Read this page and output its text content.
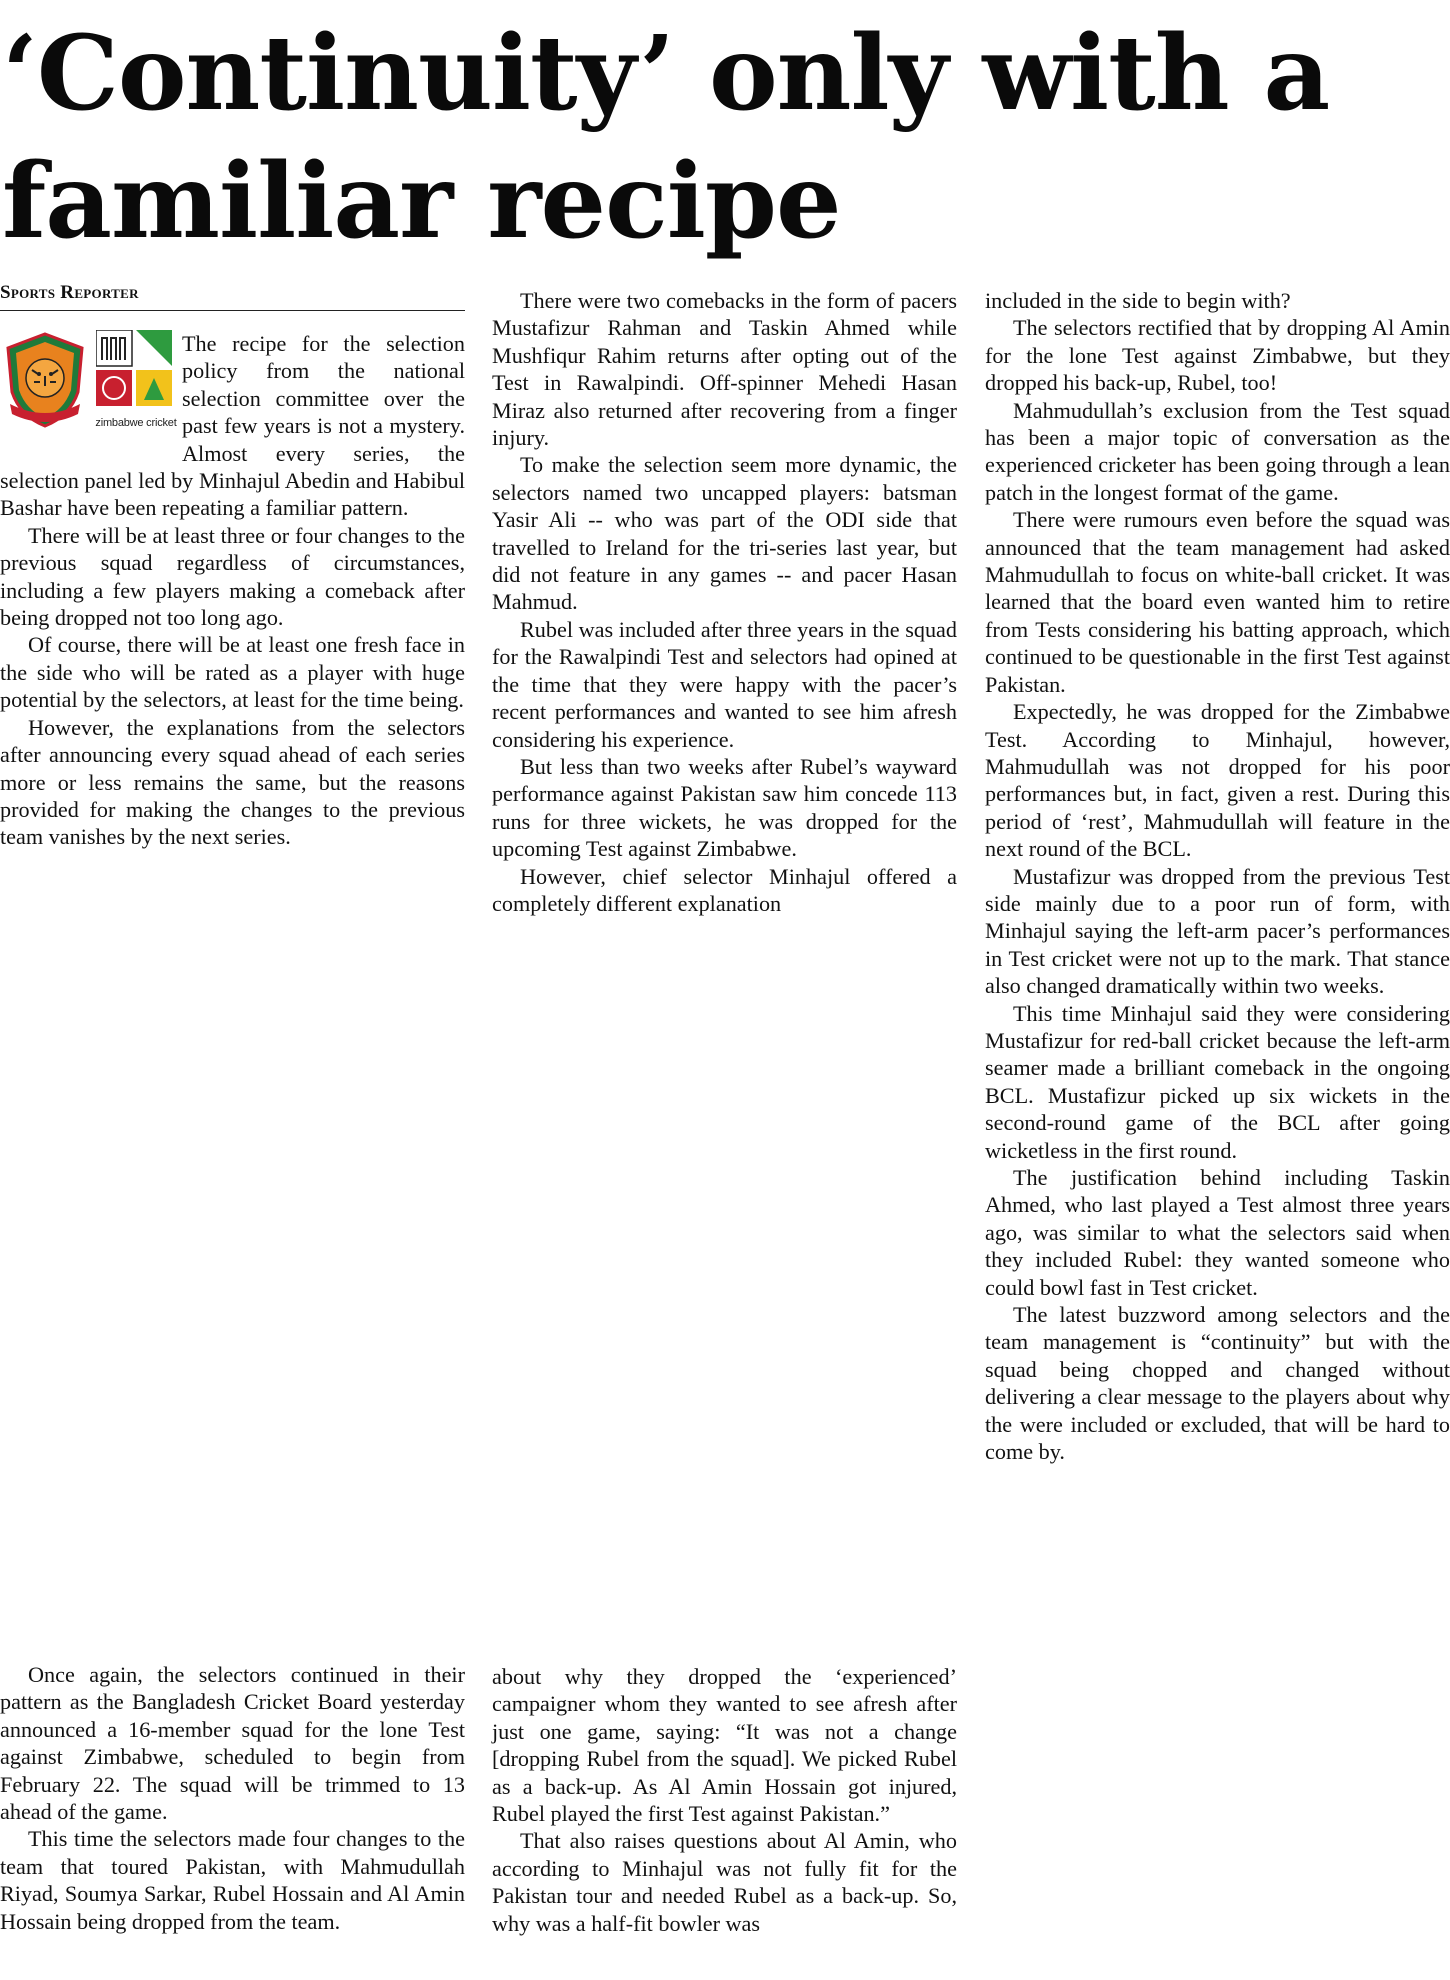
‘Continuity’ only with a familiar recipe
Sports Reporter
zimbabwe cricket

The recipe for the selection policy from the national selection committee over the past few years is not a mystery. Almost every series, the selection panel led by Minhajul Abedin and Habibul Bashar have been repeating a familiar pattern.

There will be at least three or four changes to the previous squad regardless of circumstances, including a few players making a comeback after being dropped not too long ago.

Of course, there will be at least one fresh face in the side who will be rated as a player with huge potential by the selectors, at least for the time being.

However, the explanations from the selectors after announcing every squad ahead of each series more or less remains the same, but the reasons provided for making the changes to the previous team vanishes by the next series.

There were two comebacks in the form of pacers Mustafizur Rahman and Taskin Ahmed while Mushfiqur Rahim returns after opting out of the Test in Rawalpindi. Off-spinner Mehedi Hasan Miraz also returned after recovering from a finger injury.

To make the selection seem more dynamic, the selectors named two uncapped players: batsman Yasir Ali -- who was part of the ODI side that travelled to Ireland for the tri-series last year, but did not feature in any games -- and pacer Hasan Mahmud.

Rubel was included after three years in the squad for the Rawalpindi Test and selectors had opined at the time that they were happy with the pacer’s recent performances and wanted to see him afresh considering his experience.

But less than two weeks after Rubel’s wayward performance against Pakistan saw him concede 113 runs for three wickets, he was dropped for the upcoming Test against Zimbabwe.

However, chief selector Minhajul offered a completely different explanation

included in the side to begin with?

The selectors rectified that by dropping Al Amin for the lone Test against Zimbabwe, but they dropped his back-up, Rubel, too!

Mahmudullah’s exclusion from the Test squad has been a major topic of conversation as the experienced cricketer has been going through a lean patch in the longest format of the game.

There were rumours even before the squad was announced that the team management had asked Mahmudullah to focus on white-ball cricket. It was learned that the board even wanted him to retire from Tests considering his batting approach, which continued to be questionable in the first Test against Pakistan.

Expectedly, he was dropped for the Zimbabwe Test. According to Minhajul, however, Mahmudullah was not dropped for his poor performances but, in fact, given a rest. During this period of ‘rest’, Mahmudullah will feature in the next round of the BCL.

Mustafizur was dropped from the previous Test side mainly due to a poor run of form, with Minhajul saying the left-arm pacer’s performances in Test cricket were not up to the mark. That stance also changed dramatically within two weeks.

This time Minhajul said they were considering Mustafizur for red-ball cricket because the left-arm seamer made a brilliant comeback in the ongoing BCL. Mustafizur picked up six wickets in the second-round game of the BCL after going wicketless in the first round.

The justification behind including Taskin Ahmed, who last played a Test almost three years ago, was similar to what the selectors said when they included Rubel: they wanted someone who could bowl fast in Test cricket.

The latest buzzword among selectors and the team management is “continuity” but with the squad being chopped and changed without delivering a clear message to the players about why the were included or excluded, that will be hard to come by.

Once again, the selectors continued in their pattern as the Bangladesh Cricket Board yesterday announced a 16-member squad for the lone Test against Zimbabwe, scheduled to begin from February 22. The squad will be trimmed to 13 ahead of the game.

This time the selectors made four changes to the team that toured Pakistan, with Mahmudullah Riyad, Soumya Sarkar, Rubel Hossain and Al Amin Hossain being dropped from the team.

about why they dropped the ‘experienced’ campaigner whom they wanted to see afresh after just one game, saying: “It was not a change [dropping Rubel from the squad]. We picked Rubel as a back-up. As Al Amin Hossain got injured, Rubel played the first Test against Pakistan.”

That also raises questions about Al Amin, who according to Minhajul was not fully fit for the Pakistan tour and needed Rubel as a back-up. So, why was a half-fit bowler was
